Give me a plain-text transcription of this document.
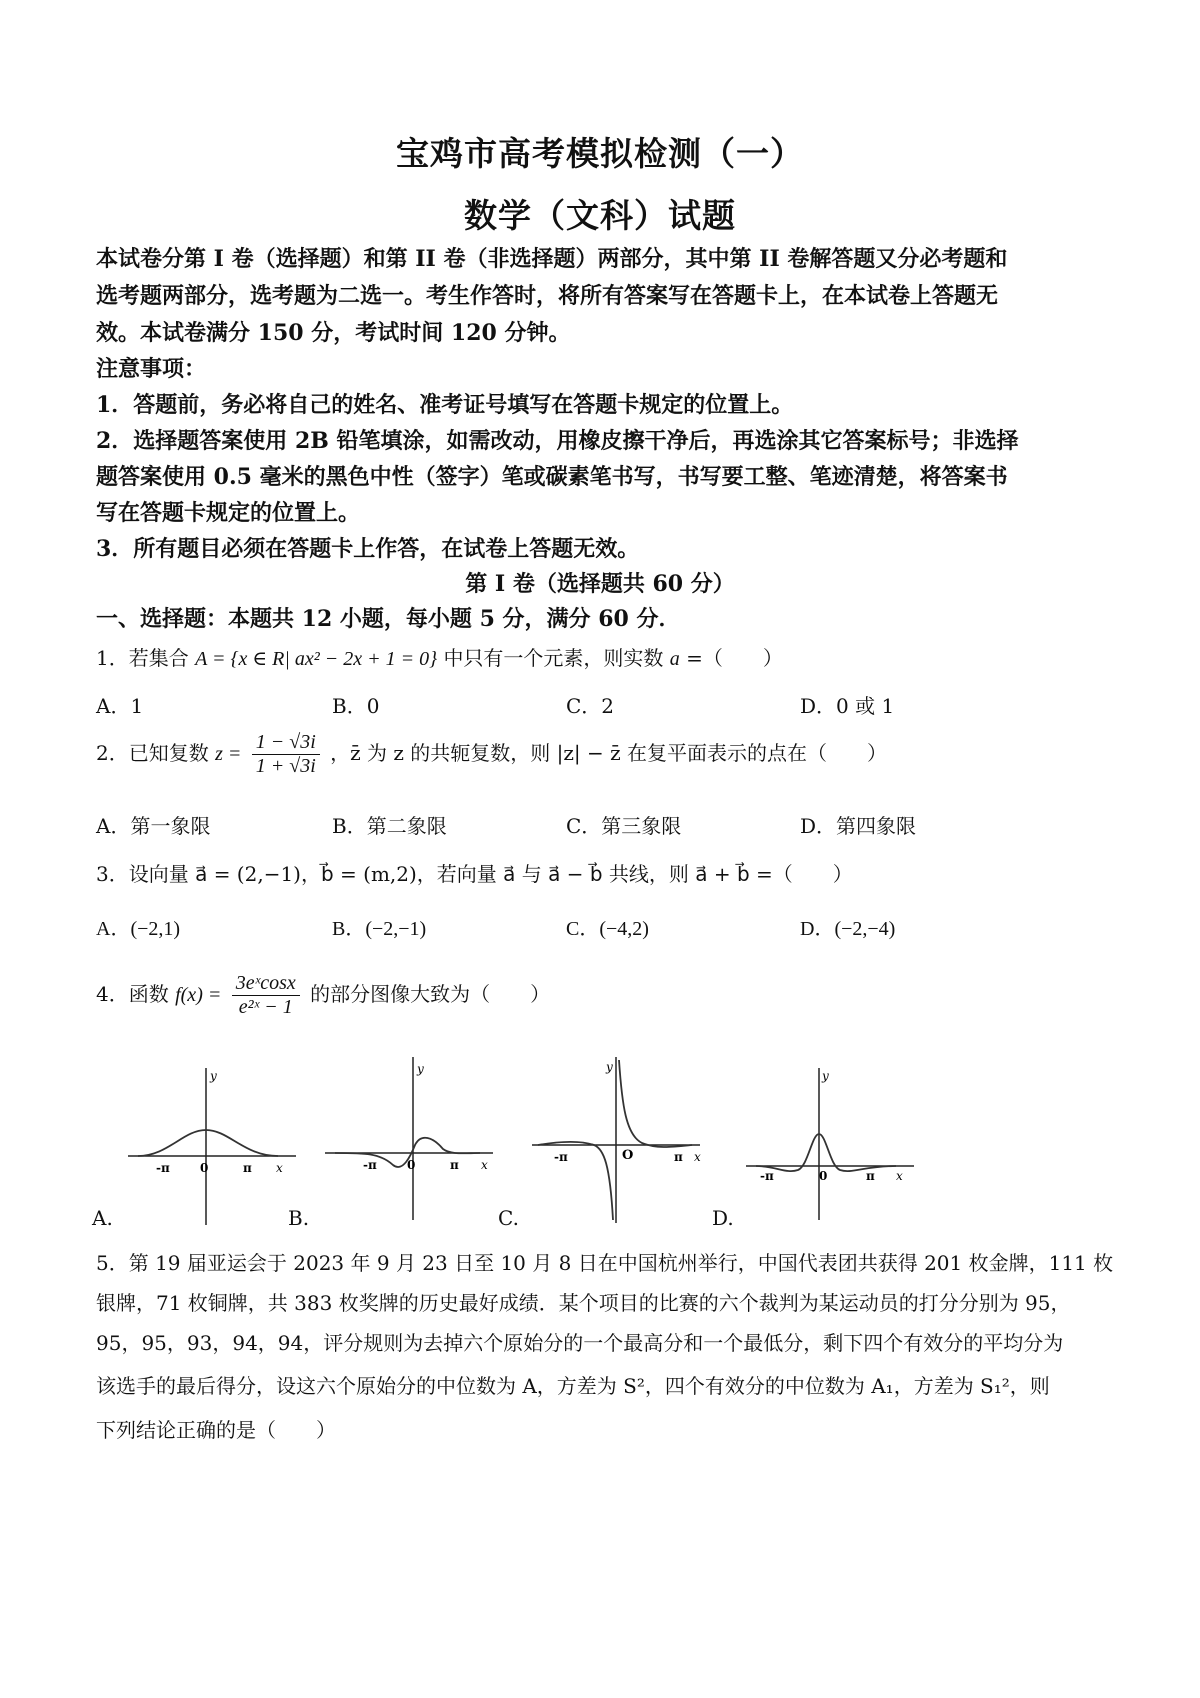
宝鸡市高考模拟检测（一）
数学（文科）试题
本试卷分第 I 卷（选择题）和第 II 卷（非选择题）两部分，其中第 II 卷解答题又分必考题和
选考题两部分，选考题为二选一。考生作答时，将所有答案写在答题卡上，在本试卷上答题无
效。本试卷满分 150 分，考试时间 120 分钟。
注意事项：
1．答题前，务必将自己的姓名、准考证号填写在答题卡规定的位置上。
2．选择题答案使用 2B 铅笔填涂，如需改动，用橡皮擦干净后，再选涂其它答案标号；非选择
题答案使用 0.5 毫米的黑色中性（签字）笔或碳素笔书写，书写要工整、笔迹清楚，将答案书
写在答题卡规定的位置上。
3．所有题目必须在答题卡上作答，在试卷上答题无效。
第 I 卷（选择题共 60 分）
一、选择题：本题共 12 小题，每小题 5 分，满分 60 分．
1．若集合 A = {x ∈ R| ax² − 2x + 1 = 0} 中只有一个元素，则实数 a =（　　）
A．1	B．0	C．2	D．0 或 1
2．已知复数 $z = \frac{1 - √3i}{1 + √3i}$ ，z̄ 为 z 的共轭复数，则 |z| − z̄ 在复平面表示的点在（　　）
A．第一象限	B．第二象限	C．第三象限	D．第四象限
3．设向量 a⃗ = (2,−1)，b⃗ = (m,2)，若向量 a⃗ 与 a⃗ − b⃗ 共线，则 a⃗ + b⃗ =（　　）
A．(−2,1)	B．(−2,−1)	C．(−4,2)	D．(−2,−4)
4．函数 $f(x) = \frac{\text{3eˣcosx}}{\text{e²ˣ − 1}}$ 的部分图像大致为（　　）
y
x
-π	π
0
A.
y
x
-π	π
0
B.
y
x
-π	π
O
C.
y
x
-π	π
0
D.
5．第 19 届亚运会于 2023 年 9 月 23 日至 10 月 8 日在中国杭州举行，中国代表团共获得 201 枚金牌，111 枚
银牌，71 枚铜牌，共 383 枚奖牌的历史最好成绩．某个项目的比赛的六个裁判为某运动员的打分分别为 95，
95，95，93，94，94，评分规则为去掉六个原始分的一个最高分和一个最低分，剩下四个有效分的平均分为
该选手的最后得分，设这六个原始分的中位数为 A，方差为 S²，四个有效分的中位数为 A₁，方差为 S₁²，则
下列结论正确的是（　　）
